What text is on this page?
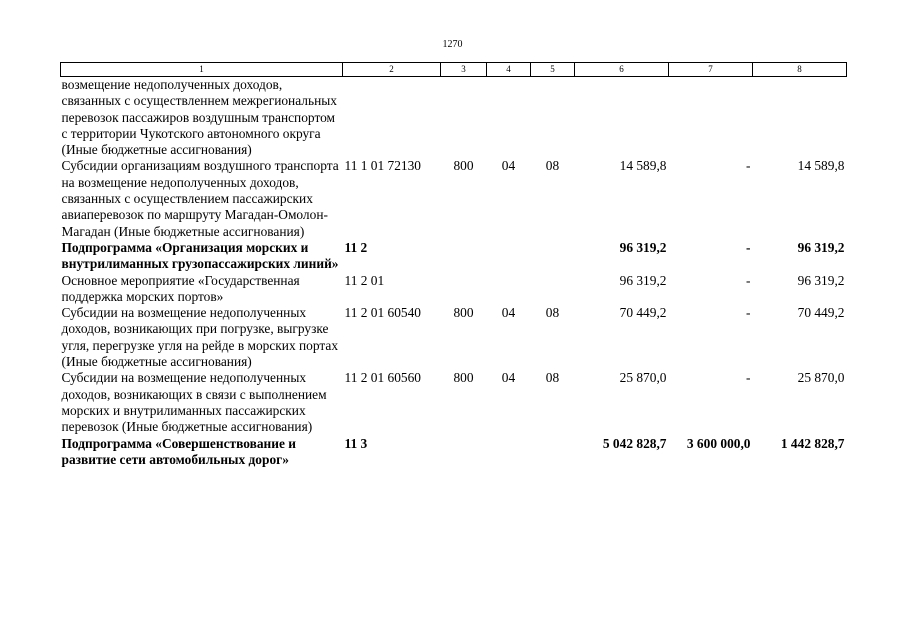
1270
1	2	3	4	5	6	7	8
возмещение недополученных доходов, связанных с осуществленнем межрегиональных перевозок пассажиров воздушным транспортом с территории Чукотского автономного округа (Иные бюджетные ассигнования)							
Субсидии организациям воздушного транспорта на возмещение недополученных доходов, связанных с осуществлением пассажирских авиаперевозок по маршруту Магадан-Омолон-Магадан (Иные бюджетные ассигнования)	11 1 01 72130	800	04	08	14 589,8	-	14 589,8
Подпрограмма «Организация морских и внутрилиманных грузопассажирских линий»	11 2				96 319,2	-	96 319,2
Основное мероприятие «Государственная поддержка морских портов»	11 2 01				96 319,2	-	96 319,2
Субсидии на возмещение недополученных доходов, возникающих при погрузке, выгрузке угля, перегрузке угля на рейде в морских портах (Иные бюджетные ассигнования)	11 2 01 60540	800	04	08	70 449,2	-	70 449,2
Субсидии на возмещение недополученных доходов, возникающих в связи с выполнением морских и внутрилиманных пассажирских перевозок (Иные бюджетные ассигнования)	11 2 01 60560	800	04	08	25 870,0	-	25 870,0
Подпрограмма «Совершенствование и развитие сети автомобильных дорог»	11 3				5 042 828,7	3 600 000,0	1 442 828,7
